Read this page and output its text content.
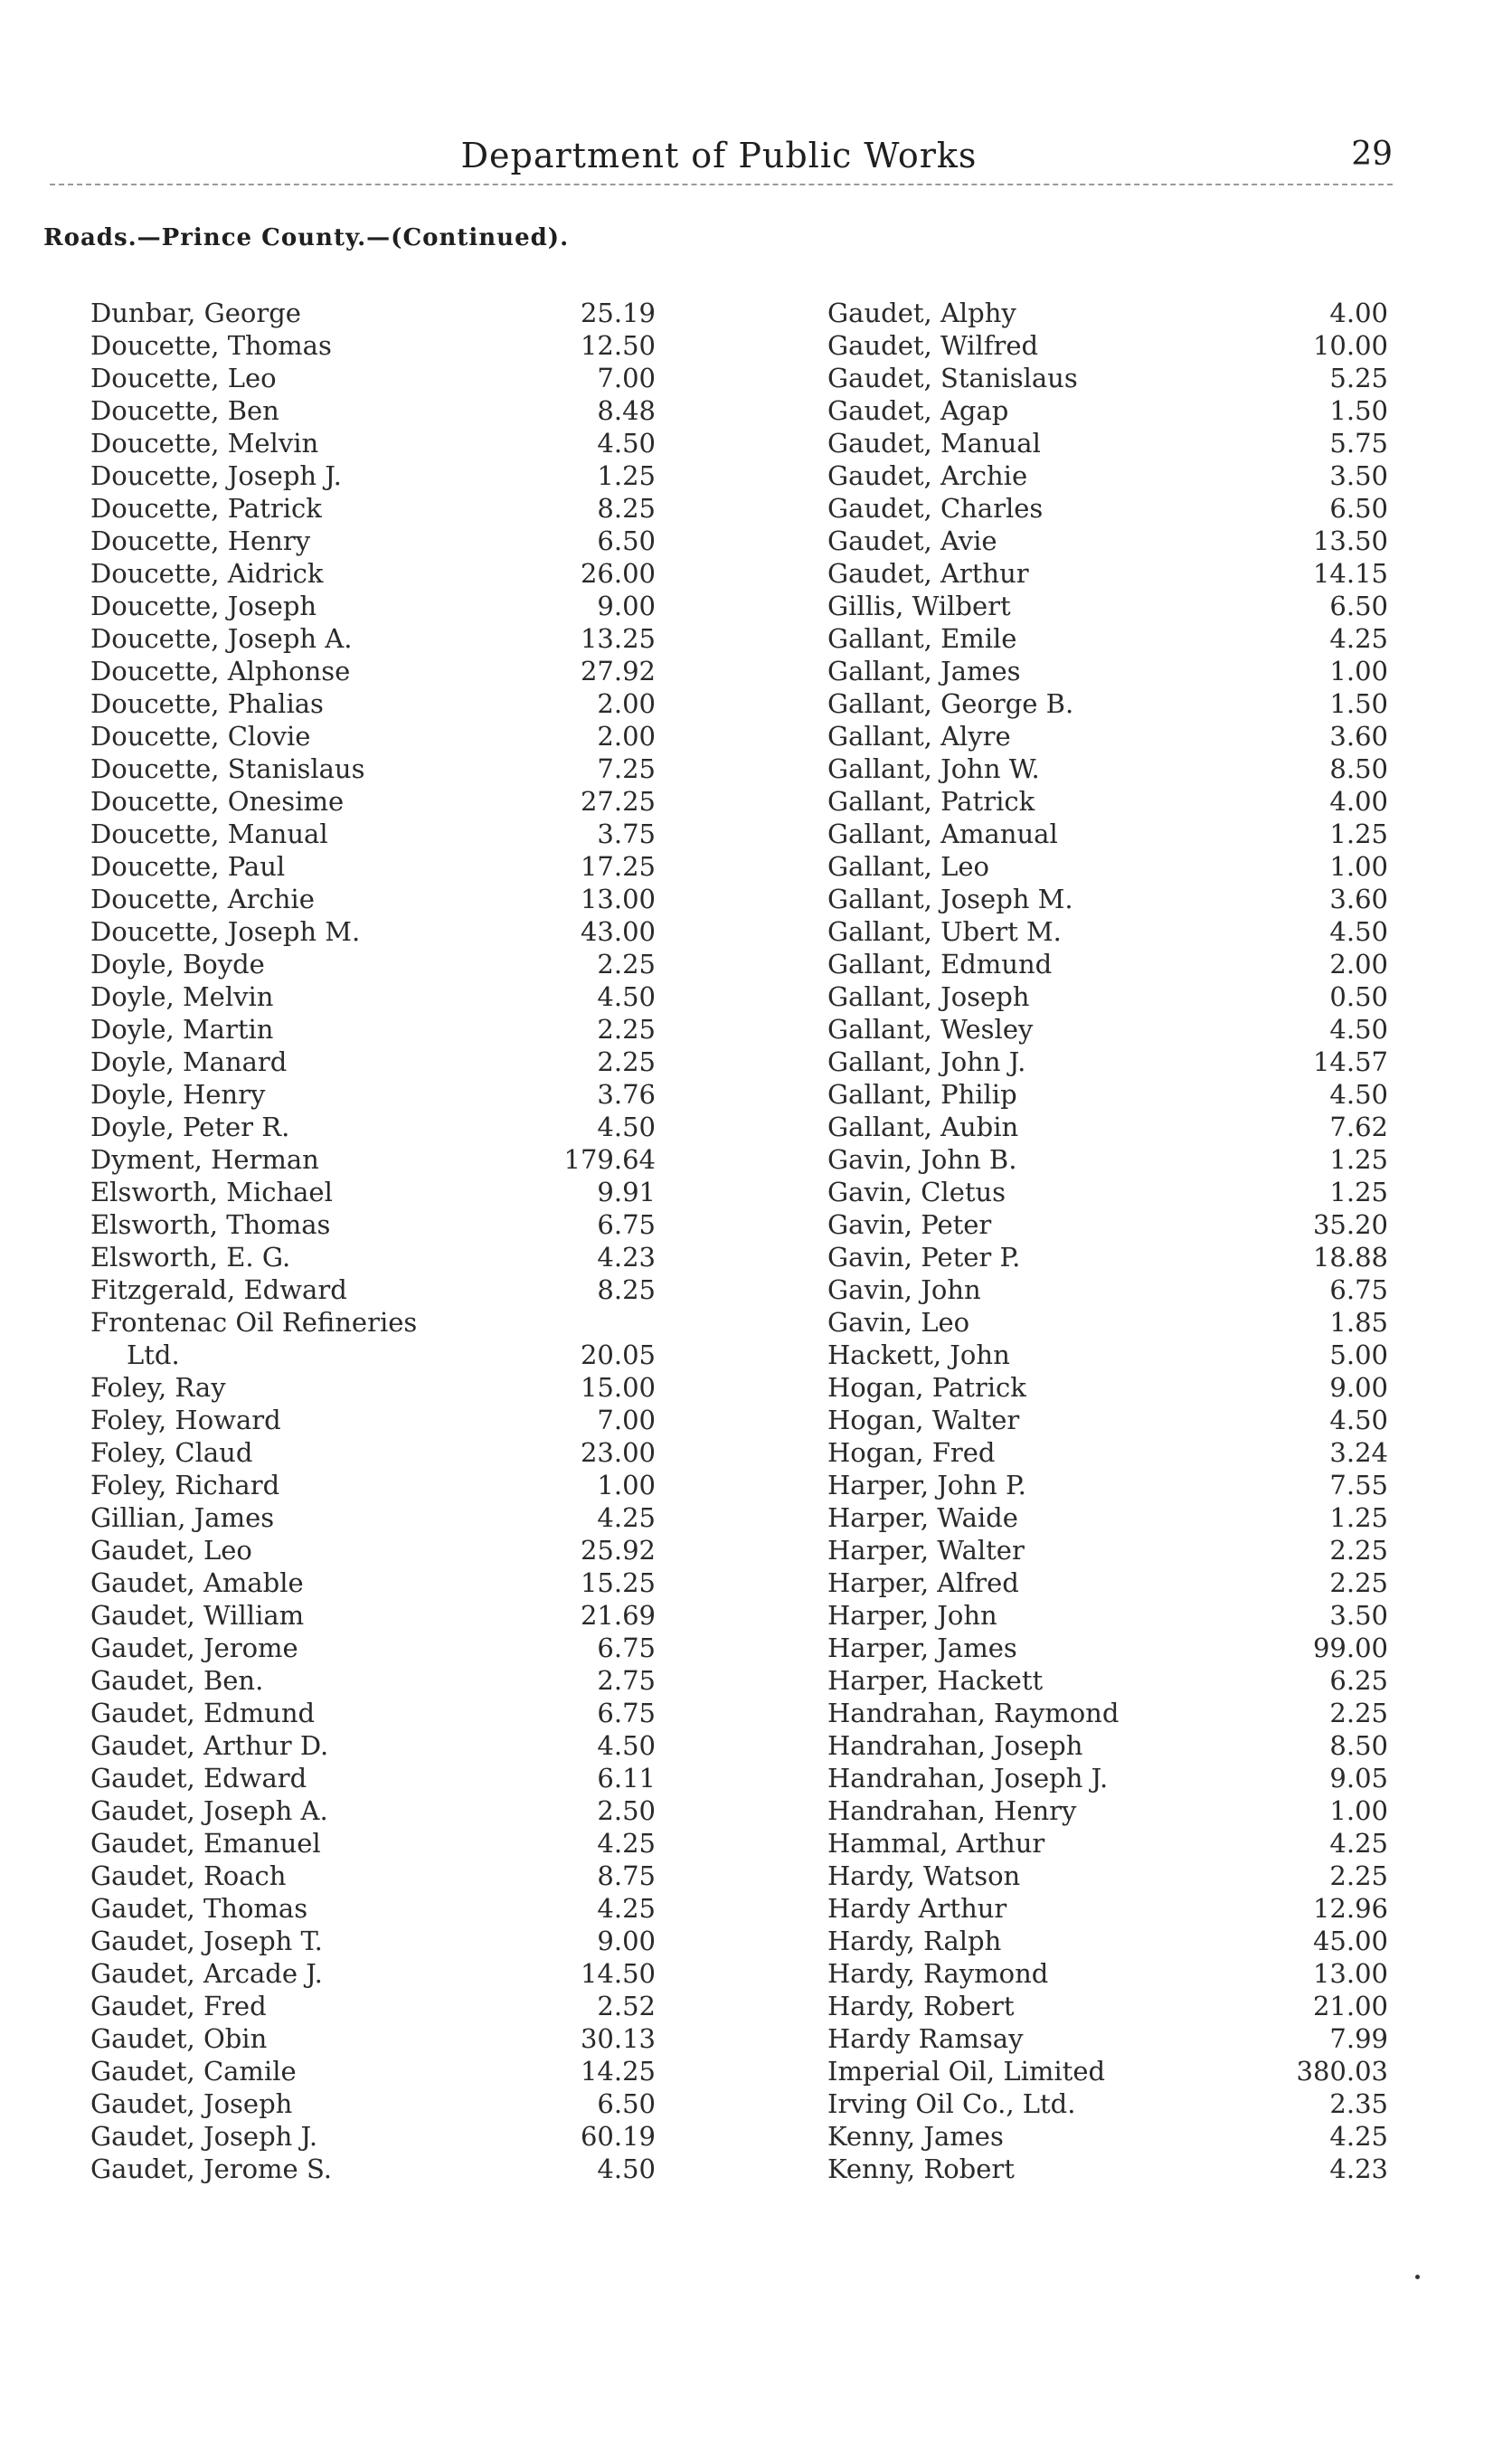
Department of Public Works	29
Roads.—Prince County.—(Continued).
Dunbar, George	25.19
Doucette, Thomas	12.50
Doucette, Leo	7.00
Doucette, Ben	8.48
Doucette, Melvin	4.50
Doucette, Joseph J.	1.25
Doucette, Patrick	8.25
Doucette, Henry	6.50
Doucette, Aidrick	26.00
Doucette, Joseph	9.00
Doucette, Joseph A.	13.25
Doucette, Alphonse	27.92
Doucette, Phalias	2.00
Doucette, Clovie	2.00
Doucette, Stanislaus	7.25
Doucette, Onesime	27.25
Doucette, Manual	3.75
Doucette, Paul	17.25
Doucette, Archie	13.00
Doucette, Joseph M.	43.00
Doyle, Boyde	2.25
Doyle, Melvin	4.50
Doyle, Martin	2.25
Doyle, Manard	2.25
Doyle, Henry	3.76
Doyle, Peter R.	4.50
Dyment, Herman	179.64
Elsworth, Michael	9.91
Elsworth, Thomas	6.75
Elsworth, E. G.	4.23
Fitzgerald, Edward	8.25
Frontenac Oil Refineries
Ltd.	20.05
Foley, Ray	15.00
Foley, Howard	7.00
Foley, Claud	23.00
Foley, Richard	1.00
Gillian, James	4.25
Gaudet, Leo	25.92
Gaudet, Amable	15.25
Gaudet, William	21.69
Gaudet, Jerome	6.75
Gaudet, Ben.	2.75
Gaudet, Edmund	6.75
Gaudet, Arthur D.	4.50
Gaudet, Edward	6.11
Gaudet, Joseph A.	2.50
Gaudet, Emanuel	4.25
Gaudet, Roach	8.75
Gaudet, Thomas	4.25
Gaudet, Joseph T.	9.00
Gaudet, Arcade J.	14.50
Gaudet, Fred	2.52
Gaudet, Obin	30.13
Gaudet, Camile	14.25
Gaudet, Joseph	6.50
Gaudet, Joseph J.	60.19
Gaudet, Jerome S.	4.50
Gaudet, Alphy	4.00
Gaudet, Wilfred	10.00
Gaudet, Stanislaus	5.25
Gaudet, Agap	1.50
Gaudet, Manual	5.75
Gaudet, Archie	3.50
Gaudet, Charles	6.50
Gaudet, Avie	13.50
Gaudet, Arthur	14.15
Gillis, Wilbert	6.50
Gallant, Emile	4.25
Gallant, James	1.00
Gallant, George B.	1.50
Gallant, Alyre	3.60
Gallant, John W.	8.50
Gallant, Patrick	4.00
Gallant, Amanual	1.25
Gallant, Leo	1.00
Gallant, Joseph M.	3.60
Gallant, Ubert M.	4.50
Gallant, Edmund	2.00
Gallant, Joseph	0.50
Gallant, Wesley	4.50
Gallant, John J.	14.57
Gallant, Philip	4.50
Gallant, Aubin	7.62
Gavin, John B.	1.25
Gavin, Cletus	1.25
Gavin, Peter	35.20
Gavin, Peter P.	18.88
Gavin, John	6.75
Gavin, Leo	1.85
Hackett, John	5.00
Hogan, Patrick	9.00
Hogan, Walter	4.50
Hogan, Fred	3.24
Harper, John P.	7.55
Harper, Waide	1.25
Harper, Walter	2.25
Harper, Alfred	2.25
Harper, John	3.50
Harper, James	99.00
Harper, Hackett	6.25
Handrahan, Raymond	2.25
Handrahan, Joseph	8.50
Handrahan, Joseph J.	9.05
Handrahan, Henry	1.00
Hammal, Arthur	4.25
Hardy, Watson	2.25
Hardy Arthur	12.96
Hardy, Ralph	45.00
Hardy, Raymond	13.00
Hardy, Robert	21.00
Hardy Ramsay	7.99
Imperial Oil, Limited	380.03
Irving Oil Co., Ltd.	2.35
Kenny, James	4.25
Kenny, Robert	4.23
